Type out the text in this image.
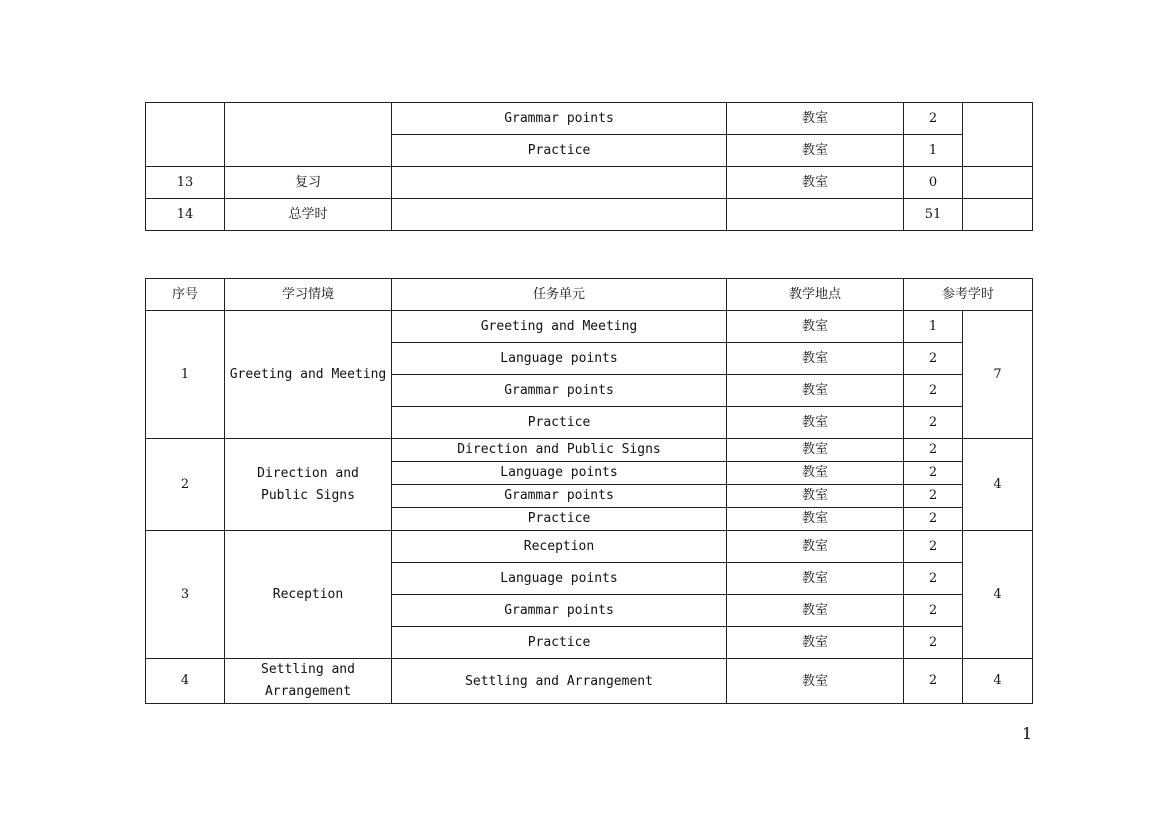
		Grammar points	教室	2	

		Practice	教室	1	
13	复习		教室	0	
14	总学时			51	
序号	学习情境	任务单元	教学地点	参考学时	
1	Greeting and Meeting	Greeting and Meeting	教室	1	7

		Language points	教室	2	

		Grammar points	教室	2	

		Practice	教室	2	
2	Direction and Public Signs	Direction and Public Signs	教室	2	4
		Language points	教室	2	
		Grammar points	教室	2	
		Practice	教室	2	
3	Reception	Reception	教室	2	4

		Language points	教室	2	

		Grammar points	教室	2	

		Practice	教室	2	
4	Settling and Arrangement	Settling and Arrangement	教室	2	4
1
